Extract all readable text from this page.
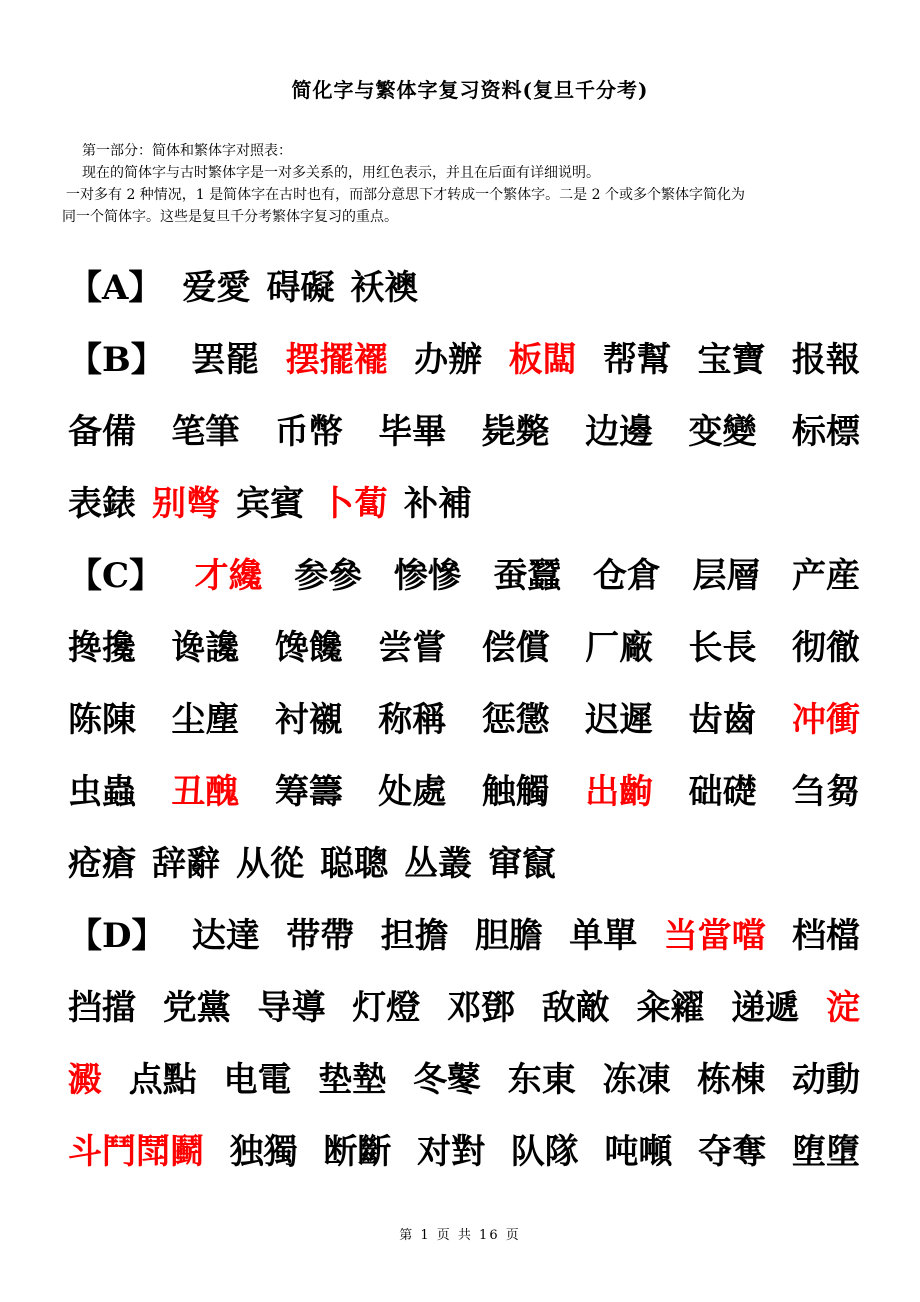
简化字与繁体字复习资料(复旦千分考)

第一部分：简体和繁体字对照表：

现在的简体字与古时繁体字是一对多关系的，用红色表示，并且在后面有详细说明。

一对多有 2 种情况，1 是简体字在古时也有，而部分意思下才转成一个繁体字。二是 2 个或多个繁体字简化为

同一个简体字。这些是复旦千分考繁体字复习的重点。

【A】 爱愛 碍礙 袄襖
【B】 罢罷 摆擺襬 办辦 板闆 帮幫 宝寶 报報
备備 笔筆 币幣 毕畢 毙斃 边邊 变變 标標
表錶 别彆 宾賓 卜蔔 补補
【C】 才纔 参參 惨慘 蚕蠶 仓倉 层層 产産
搀攙 谗讒 馋饞 尝嘗 偿償 厂廠 长長 彻徹
陈陳 尘塵 衬襯 称稱 惩懲 迟遲 齿齒 冲衝
虫蟲 丑醜 筹籌 处處 触觸 出齣 础礎 刍芻
疮瘡 辞辭 从從 聪聰 丛叢 窜竄
【D】 达達 带帶 担擔 胆膽 单單 当當噹 档檔
挡擋 党黨 导導 灯燈 邓鄧 敌敵 籴糴 递遞 淀
澱 点點 电電 垫墊 冬鼕 东東 冻凍 栋棟 动動
斗鬥鬦鬬 独獨 断斷 对對 队隊 吨噸 夺奪 堕墮
第 1 页 共 16 页
